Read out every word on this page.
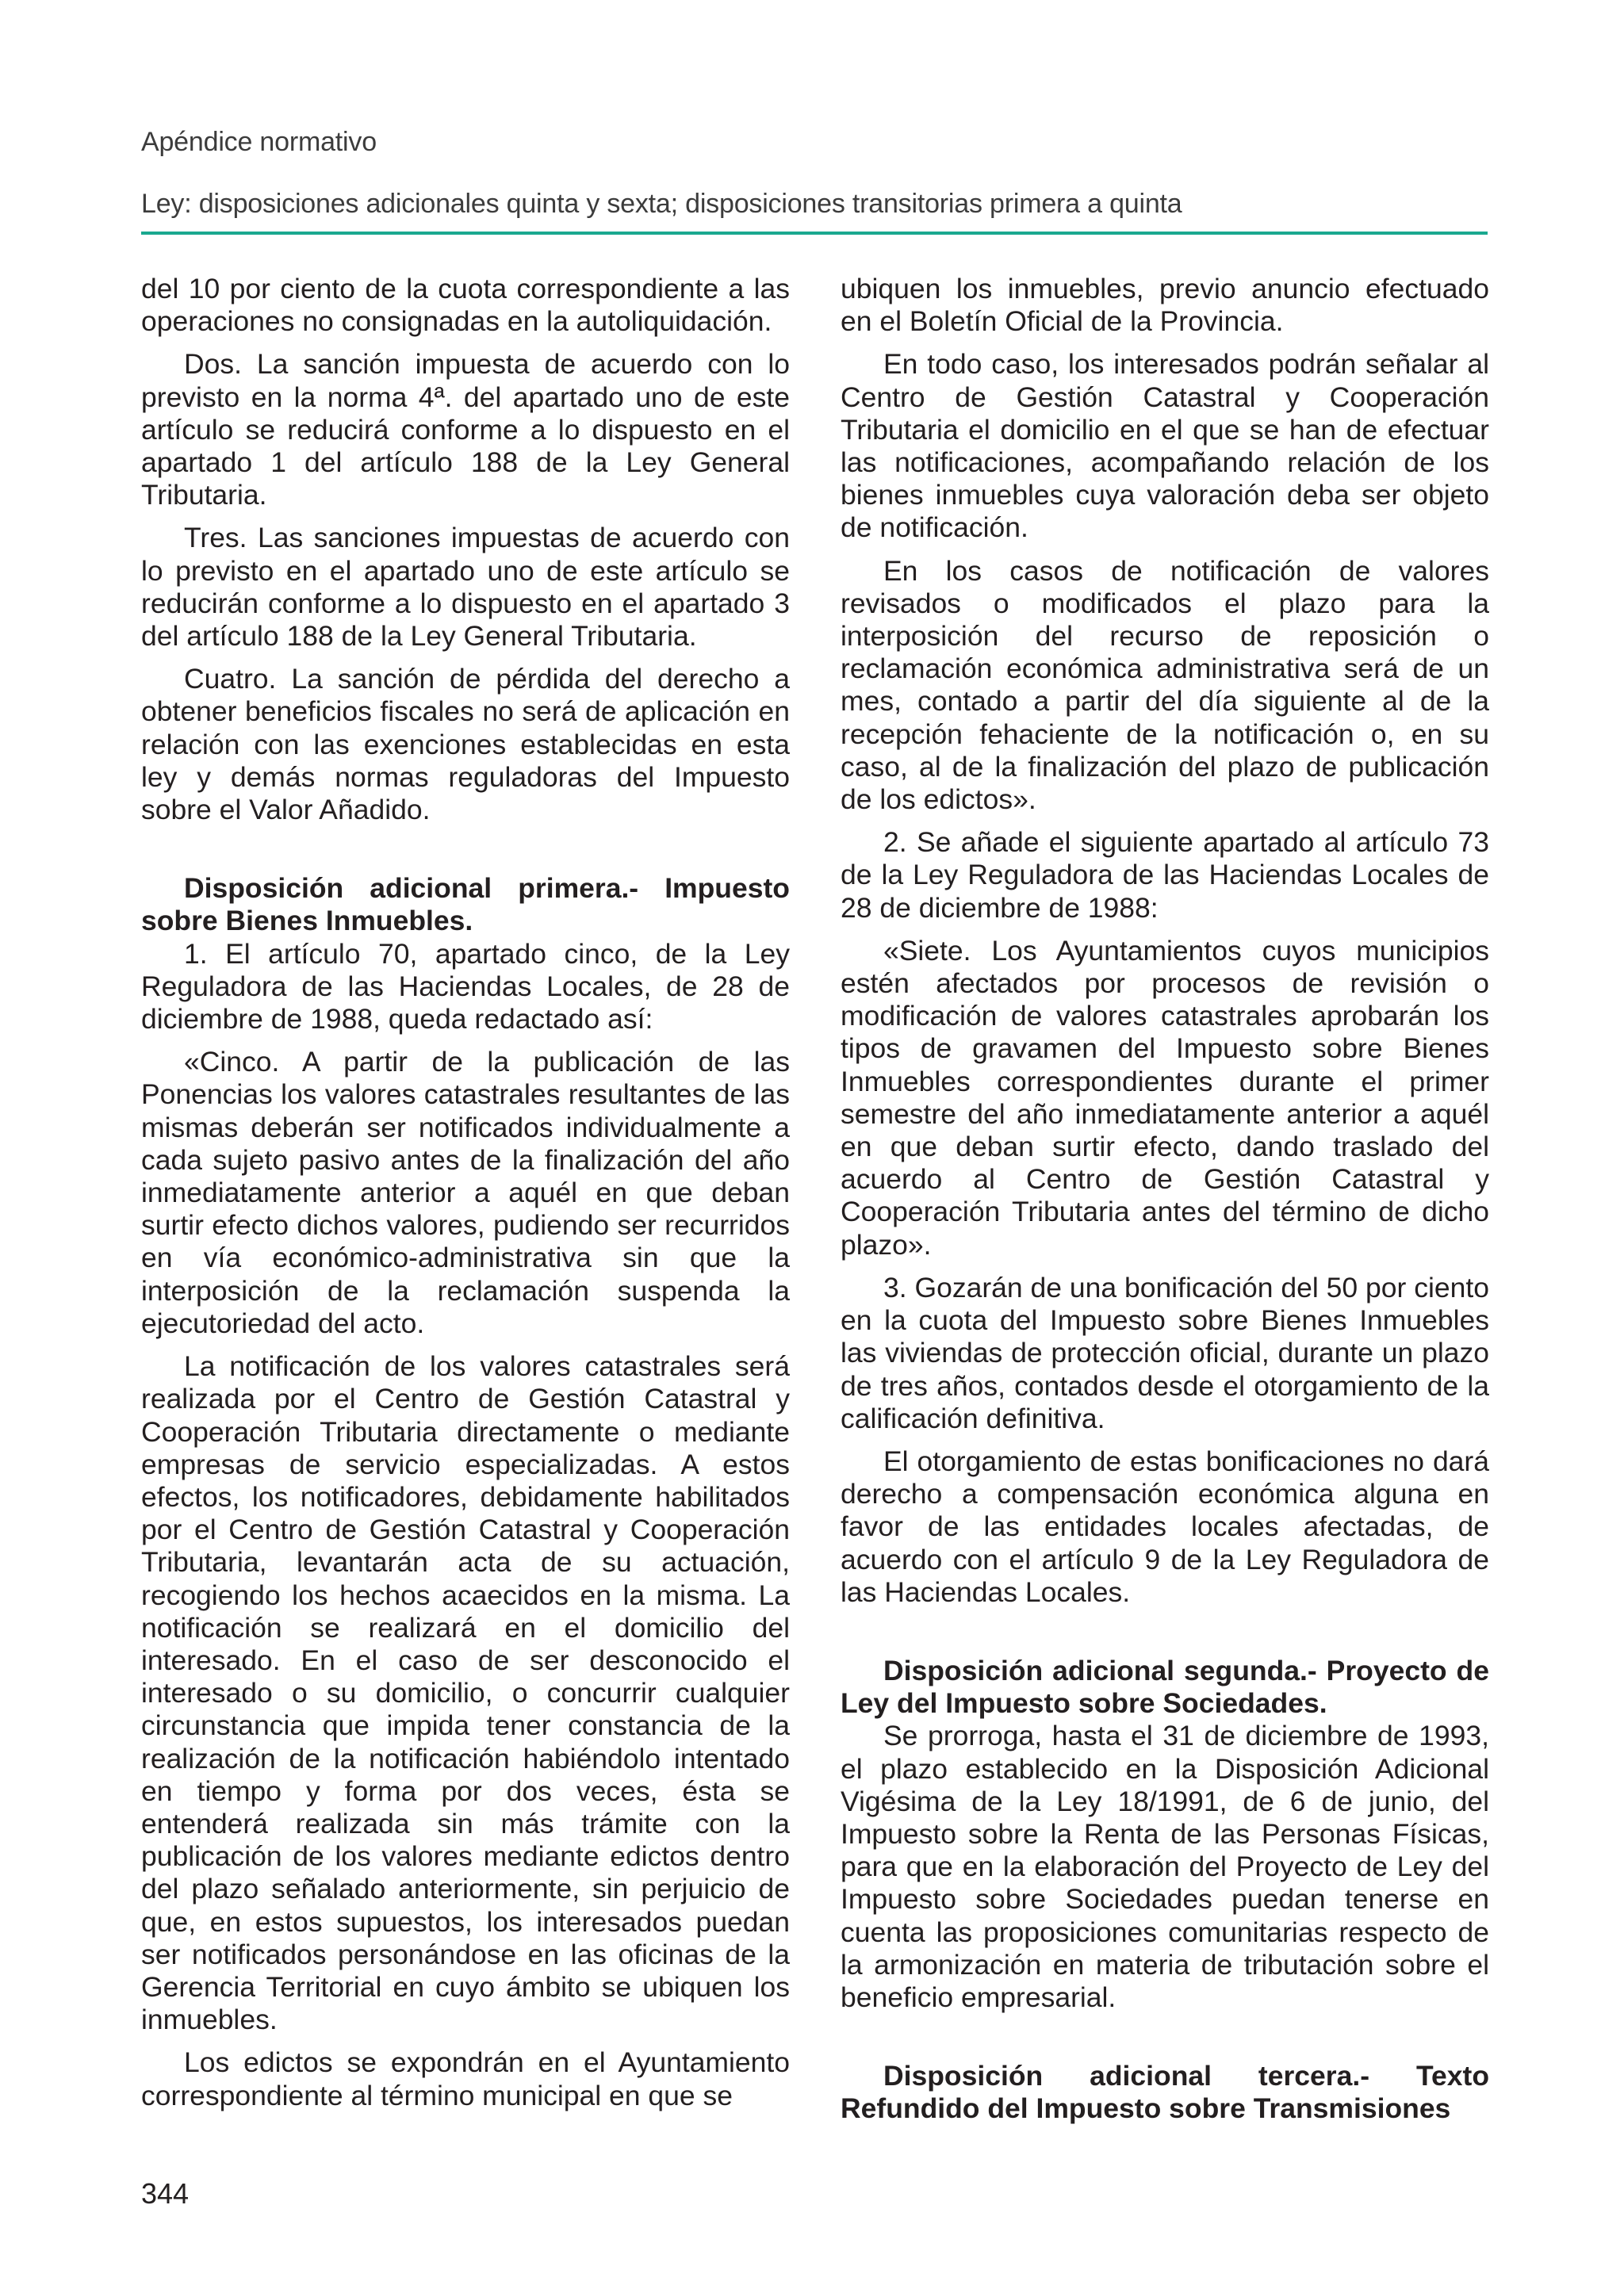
Apéndice normativo
Ley: disposiciones adicionales quinta y sexta; disposiciones transitorias primera a quinta

del 10 por ciento de la cuota correspondiente a las operaciones no consignadas en la autoliquidación.

Dos. La sanción impuesta de acuerdo con lo previsto en la norma 4ª. del apartado uno de este artículo se reducirá conforme a lo dispuesto en el apartado 1 del artículo 188 de la Ley General Tributaria.

Tres. Las sanciones impuestas de acuerdo con lo previsto en el apartado uno de este artículo se reducirán conforme a lo dispuesto en el apartado 3 del artículo 188 de la Ley General Tributaria.

Cuatro. La sanción de pérdida del derecho a obtener beneficios fiscales no será de aplicación en relación con las exenciones establecidas en esta ley y demás normas reguladoras del Impuesto sobre el Valor Añadido.

Disposición adicional primera.- Impuesto sobre Bienes Inmuebles.

1. El artículo 70, apartado cinco, de la Ley Reguladora de las Haciendas Locales, de 28 de diciembre de 1988, queda redactado así:

«Cinco. A partir de la publicación de las Ponencias los valores catastrales resultantes de las mismas deberán ser notificados individualmente a cada sujeto pasivo antes de la finalización del año inmediatamente anterior a aquél en que deban surtir efecto dichos valores, pudiendo ser recurridos en vía económico-administrativa sin que la interposición de la reclamación suspenda la ejecutoriedad del acto.

La notificación de los valores catastrales será realizada por el Centro de Gestión Catastral y Cooperación Tributaria directamente o mediante empresas de servicio especializadas. A estos efectos, los notificadores, debidamente habilitados por el Centro de Gestión Catastral y Cooperación Tributaria, levantarán acta de su actuación, recogiendo los hechos acaecidos en la misma. La notificación se realizará en el domicilio del interesado. En el caso de ser desconocido el interesado o su domicilio, o concurrir cualquier circunstancia que impida tener constancia de la realización de la notificación habiéndolo intentado en tiempo y forma por dos veces, ésta se entenderá realizada sin más trámite con la publicación de los valores mediante edictos dentro del plazo señalado anteriormente, sin perjuicio de que, en estos supuestos, los interesados puedan ser notificados personándose en las oficinas de la Gerencia Territorial en cuyo ámbito se ubiquen los inmuebles.

Los edictos se expondrán en el Ayuntamiento correspondiente al término municipal en que se

ubiquen los inmuebles, previo anuncio efectuado en el Boletín Oficial de la Provincia.

En todo caso, los interesados podrán señalar al Centro de Gestión Catastral y Cooperación Tributaria el domicilio en el que se han de efectuar las notificaciones, acompañando relación de los bienes inmuebles cuya valoración deba ser objeto de notificación.

En los casos de notificación de valores revisados o modificados el plazo para la interposición del recurso de reposición o reclamación económica administrativa será de un mes, contado a partir del día siguiente al de la recepción fehaciente de la notificación o, en su caso, al de la finalización del plazo de publicación de los edictos».

2. Se añade el siguiente apartado al artículo 73 de la Ley Reguladora de las Haciendas Locales de 28 de diciembre de 1988:

«Siete. Los Ayuntamientos cuyos municipios estén afectados por procesos de revisión o modificación de valores catastrales aprobarán los tipos de gravamen del Impuesto sobre Bienes Inmuebles correspondientes durante el primer semestre del año inmediatamente anterior a aquél en que deban surtir efecto, dando traslado del acuerdo al Centro de Gestión Catastral y Cooperación Tributaria antes del término de dicho plazo».

3. Gozarán de una bonificación del 50 por ciento en la cuota del Impuesto sobre Bienes Inmuebles las viviendas de protección oficial, durante un plazo de tres años, contados desde el otorgamiento de la calificación definitiva.

El otorgamiento de estas bonificaciones no dará derecho a compensación económica alguna en favor de las entidades locales afectadas, de acuerdo con el artículo 9 de la Ley Reguladora de las Haciendas Locales.

Disposición adicional segunda.- Proyecto de Ley del Impuesto sobre Sociedades.

Se prorroga, hasta el 31 de diciembre de 1993, el plazo establecido en la Disposición Adicional Vigésima de la Ley 18/1991, de 6 de junio, del Impuesto sobre la Renta de las Personas Físicas, para que en la elaboración del Proyecto de Ley del Impuesto sobre Sociedades puedan tenerse en cuenta las proposiciones comunitarias respecto de la armonización en materia de tributación sobre el beneficio empresarial.

Disposición adicional tercera.- Texto Refundido del Impuesto sobre Transmisiones

344
